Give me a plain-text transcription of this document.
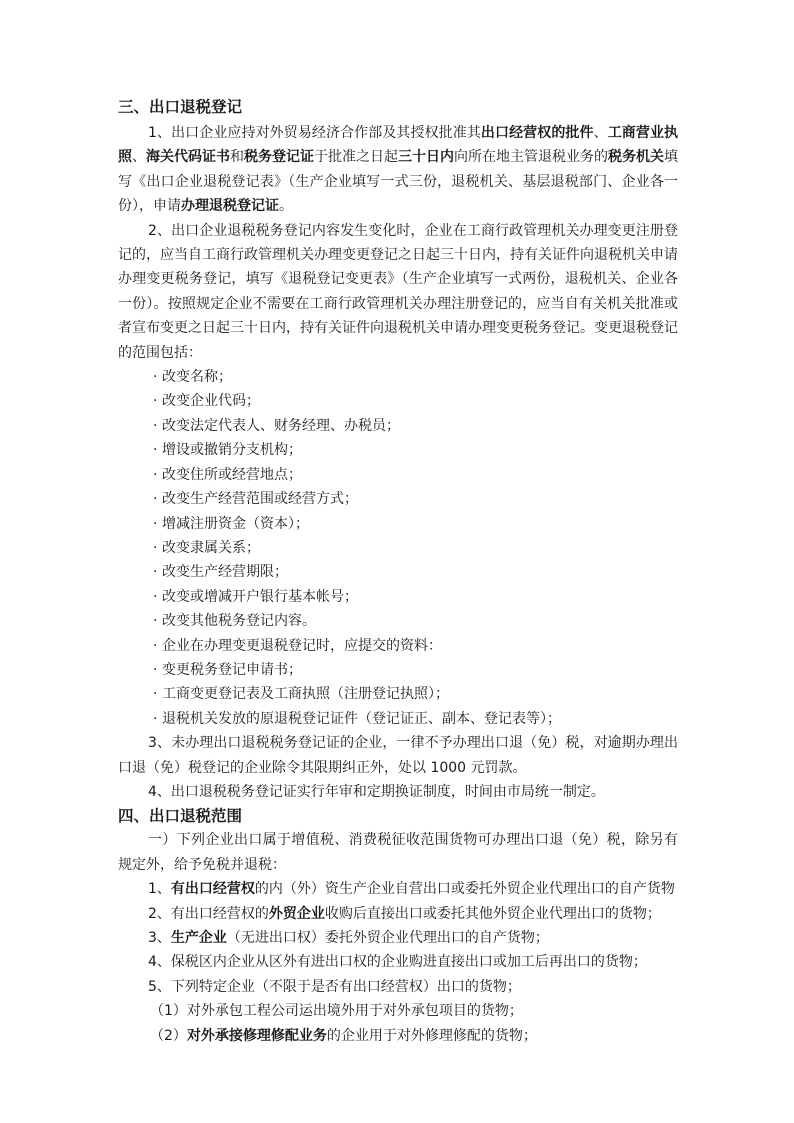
三、出口退税登记

1、出口企业应持对外贸易经济合作部及其授权批准其出口经营权的批件、工商营业执照、海关代码证书和税务登记证于批准之日起三十日内向所在地主管退税业务的税务机关填写《出口企业退税登记表》（生产企业填写一式三份，退税机关、基层退税部门、企业各一份），申请办理退税登记证。

2、出口企业退税税务登记内容发生变化时，企业在工商行政管理机关办理变更注册登记的，应当自工商行政管理机关办理变更登记之日起三十日内，持有关证件向退税机关申请办理变更税务登记，填写《退税登记变更表》（生产企业填写一式两份，退税机关、企业各一份）。按照规定企业不需要在工商行政管理机关办理注册登记的，应当自有关机关批准或者宣布变更之日起三十日内，持有关证件向退税机关申请办理变更税务登记。变更退税登记的范围包括：

· 改变名称；

· 改变企业代码；

· 改变法定代表人、财务经理、办税员；

· 增设或撤销分支机构；

· 改变住所或经营地点；

· 改变生产经营范围或经营方式；

· 增减注册资金（资本）；

· 改变隶属关系；

· 改变生产经营期限；

· 改变或增减开户银行基本帐号；

· 改变其他税务登记内容。

· 企业在办理变更退税登记时，应提交的资料：

· 变更税务登记申请书；

· 工商变更登记表及工商执照（注册登记执照）；

· 退税机关发放的原退税登记证件（登记证正、副本、登记表等）；

3、未办理出口退税税务登记证的企业，一律不予办理出口退（免）税，对逾期办理出口退（免）税登记的企业除令其限期纠正外，处以 1000 元罚款。

4、出口退税税务登记证实行年审和定期换证制度，时间由市局统一制定。

四、出口退税范围

一）下列企业出口属于增值税、消费税征收范围货物可办理出口退（免）税，除另有规定外，给予免税并退税：

1、有出口经营权的内（外）资生产企业自营出口或委托外贸企业代理出口的自产货物

2、有出口经营权的外贸企业收购后直接出口或委托其他外贸企业代理出口的货物；

3、生产企业（无进出口权）委托外贸企业代理出口的自产货物；

4、保税区内企业从区外有进出口权的企业购进直接出口或加工后再出口的货物；

5、下列特定企业（不限于是否有出口经营权）出口的货物；

（1）对外承包工程公司运出境外用于对外承包项目的货物；

（2）对外承接修理修配业务的企业用于对外修理修配的货物；
